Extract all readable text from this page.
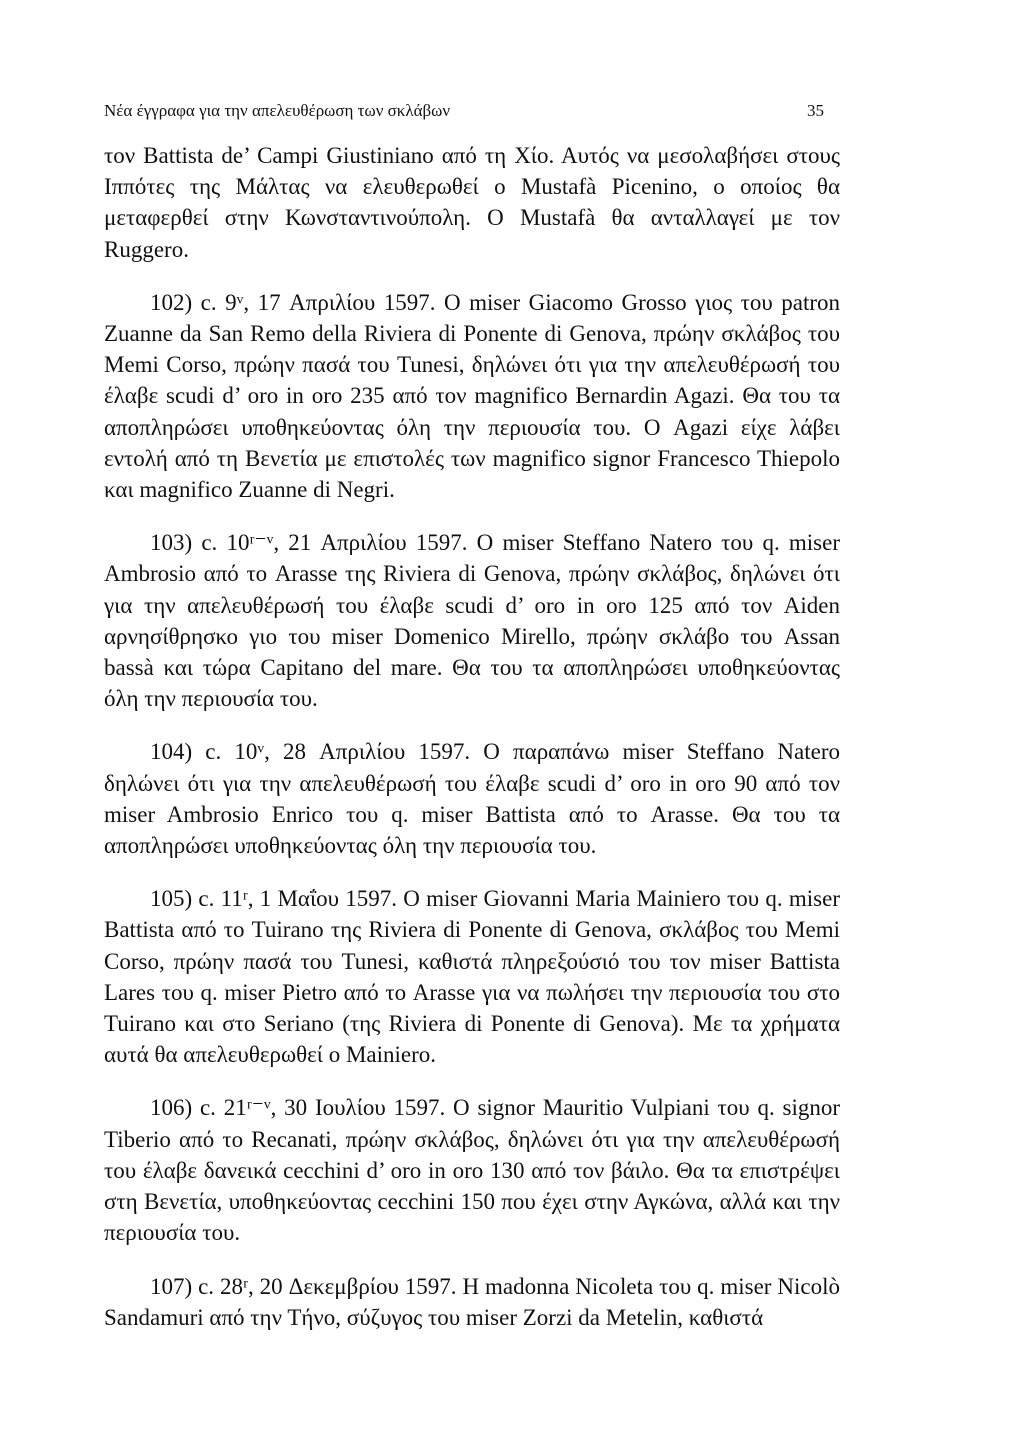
Νέα έγγραφα για την απελευθέρωση των σκλάβων	35

τον Battista de’ Campi Giustiniano από τη Χίο. Αυτός να μεσολαβήσει στους Ιππότες της Μάλτας να ελευθερωθεί ο Mustafà Picenino, ο οποίος θα μεταφερθεί στην Κωνσταντινούπολη. Ο Mustafà θα ανταλλαγεί με τον Ruggero.

102) c. 9ᵛ, 17 Απριλίου 1597. Ο miser Giacomo Grosso γιος του patron Zuanne da San Remo della Riviera di Ponente di Genova, πρώην σκλάβος του Memi Corso, πρώην πασά του Tunesi, δηλώνει ότι για την απελευθέρωσή του έλαβε scudi d’ oro in oro 235 από τον magnifico Bernardin Agazi. Θα του τα αποπληρώσει υποθηκεύοντας όλη την περιουσία του. Ο Agazi είχε λάβει εντολή από τη Βενετία με επιστολές των magnifico signor Francesco Thiepolo και magnifico Zuanne di Negri.

103) c. 10ʳ⁻ᵛ, 21 Απριλίου 1597. Ο miser Steffano Natero του q. miser Ambrosio από το Arasse της Riviera di Genova, πρώην σκλάβος, δηλώνει ότι για την απελευθέρωσή του έλαβε scudi d’ oro in oro 125 από τον Aiden αρνησίθρησκο γιο του miser Domenico Mirello, πρώην σκλάβο του Assan bassà και τώρα Capitano del mare. Θα του τα αποπληρώσει υποθηκεύοντας όλη την περιουσία του.

104) c. 10ᵛ, 28 Απριλίου 1597. Ο παραπάνω miser Steffano Natero δηλώνει ότι για την απελευθέρωσή του έλαβε scudi d’ oro in oro 90 από τον miser Ambrosio Enrico του q. miser Battista από το Arasse. Θα του τα αποπληρώσει υποθηκεύοντας όλη την περιουσία του.

105) c. 11ʳ, 1 Μαΐου 1597. Ο miser Giovanni Maria Mainiero του q. miser Battista από το Tuirano της Riviera di Ponente di Genova, σκλάβος του Memi Corso, πρώην πασά του Tunesi, καθιστά πληρεξούσιό του τον miser Battista Lares του q. miser Pietro από το Arasse για να πωλήσει την περιουσία του στο Tuirano και στο Seriano (της Riviera di Ponente di Genova). Με τα χρήματα αυτά θα απελευθερωθεί ο Mainiero.

106) c. 21ʳ⁻ᵛ, 30 Ιουλίου 1597. Ο signor Mauritio Vulpiani του q. signor Tiberio από το Recanati, πρώην σκλάβος, δηλώνει ότι για την απελευθέρωσή του έλαβε δανεικά cecchini d’ oro in oro 130 από τον βάιλο. Θα τα επιστρέψει στη Βενετία, υποθηκεύοντας cecchini 150 που έχει στην Αγκώνα, αλλά και την περιουσία του.

107) c. 28ʳ, 20 Δεκεμβρίου 1597. Η madonna Nicoleta του q. miser Nicolò Sandamuri από την Τήνο, σύζυγος του miser Zorzi da Metelin, καθιστά
